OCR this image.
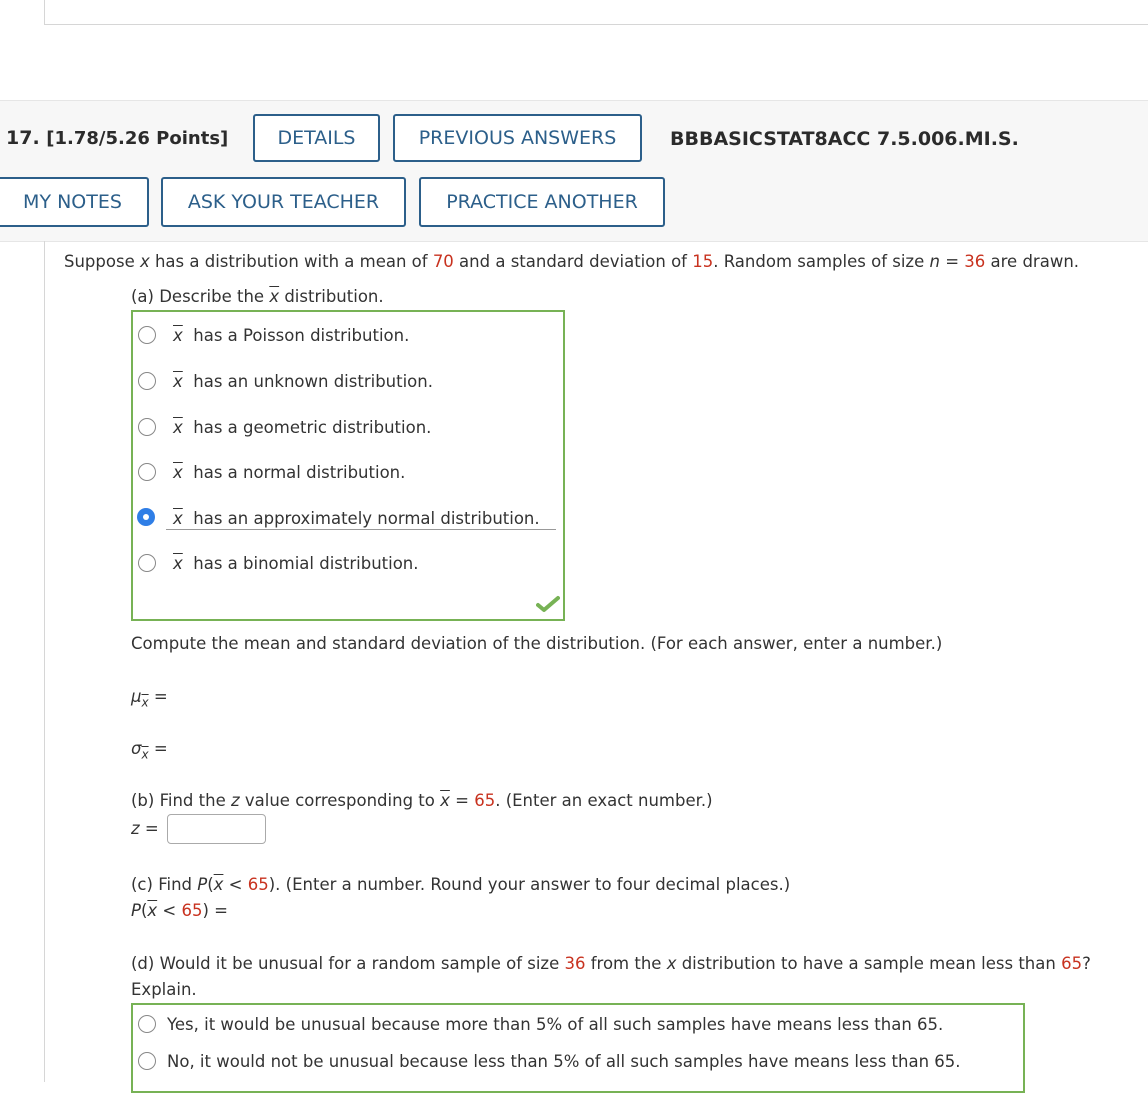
17. [1.78/5.26 Points]	DETAILS	PREVIOUS ANSWERS	BBBASICSTAT8ACC 7.5.006.MI.S.
MY NOTES	ASK YOUR TEACHER	PRACTICE ANOTHER
Suppose x has a distribution with a mean of 70 and a standard deviation of 15. Random samples of size n = 36 are drawn.
(a) Describe the $\overline{x}$ distribution.
$\overline{x}$ has a Poisson distribution.
$\overline{x}$ has an unknown distribution.
$\overline{x}$ has a geometric distribution.
$\overline{x}$ has a normal distribution.
$\overline{x}$ has an approximately normal distribution.
$\overline{x}$ has a binomial distribution.
Compute the mean and standard deviation of the distribution. (For each answer, enter a number.)
$\mu_{\overline{x}}$ =
$\sigma_{\overline{x}}$ =
(b) Find the z value corresponding to $\overline{x} = 65$. (Enter an exact number.)
z =
(c) Find $P(\overline{x} < 65)$. (Enter a number. Round your answer to four decimal places.)
$P(\overline{x} < 65)$ =
(d) Would it be unusual for a random sample of size 36 from the x distribution to have a sample mean less than 65?
Explain.
Yes, it would be unusual because more than 5% of all such samples have means less than 65.
No, it would not be unusual because less than 5% of all such samples have means less than 65.
